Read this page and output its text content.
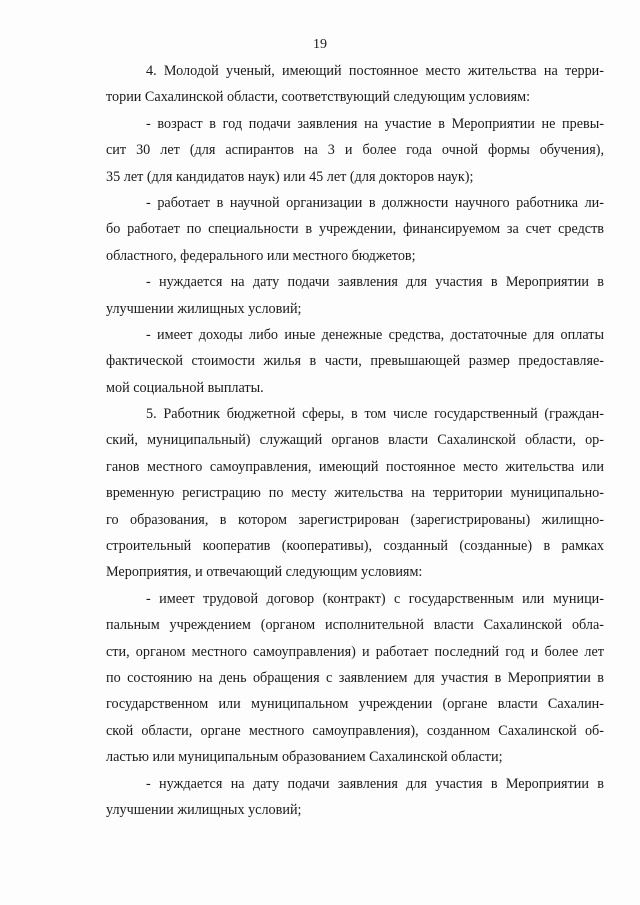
19
4. Молодой ученый, имеющий постоянное место жительства на терри-
тории Сахалинской области, соответствующий следующим условиям:
- возраст в год подачи заявления на участие в Мероприятии не превы-
сит 30 лет (для аспирантов на 3 и более года очной формы обучения),
35 лет (для кандидатов наук) или 45 лет (для докторов наук);
- работает в научной организации в должности научного работника ли-
бо работает по специальности в учреждении, финансируемом за счет средств
областного, федерального или местного бюджетов;
- нуждается на дату подачи заявления для участия в Мероприятии в
улучшении жилищных условий;
- имеет доходы либо иные денежные средства, достаточные для оплаты
фактической стоимости жилья в части, превышающей размер предоставляе-
мой социальной выплаты.
5. Работник бюджетной сферы, в том числе государственный (граждан-
ский, муниципальный) служащий органов власти Сахалинской области, ор-
ганов местного самоуправления, имеющий постоянное место жительства или
временную регистрацию по месту жительства на территории муниципально-
го образования, в котором зарегистрирован (зарегистрированы) жилищно-
строительный кооператив (кооперативы), созданный (созданные) в рамках
Мероприятия, и отвечающий следующим условиям:
- имеет трудовой договор (контракт) с государственным или муници-
пальным учреждением (органом исполнительной власти Сахалинской обла-
сти, органом местного самоуправления) и работает последний год и более лет
по состоянию на день обращения с заявлением для участия в Мероприятии в
государственном или муниципальном учреждении (органе власти Сахалин-
ской области, органе местного самоуправления), созданном Сахалинской об-
ластью или муниципальным образованием Сахалинской области;
- нуждается на дату подачи заявления для участия в Мероприятии в
улучшении жилищных условий;
